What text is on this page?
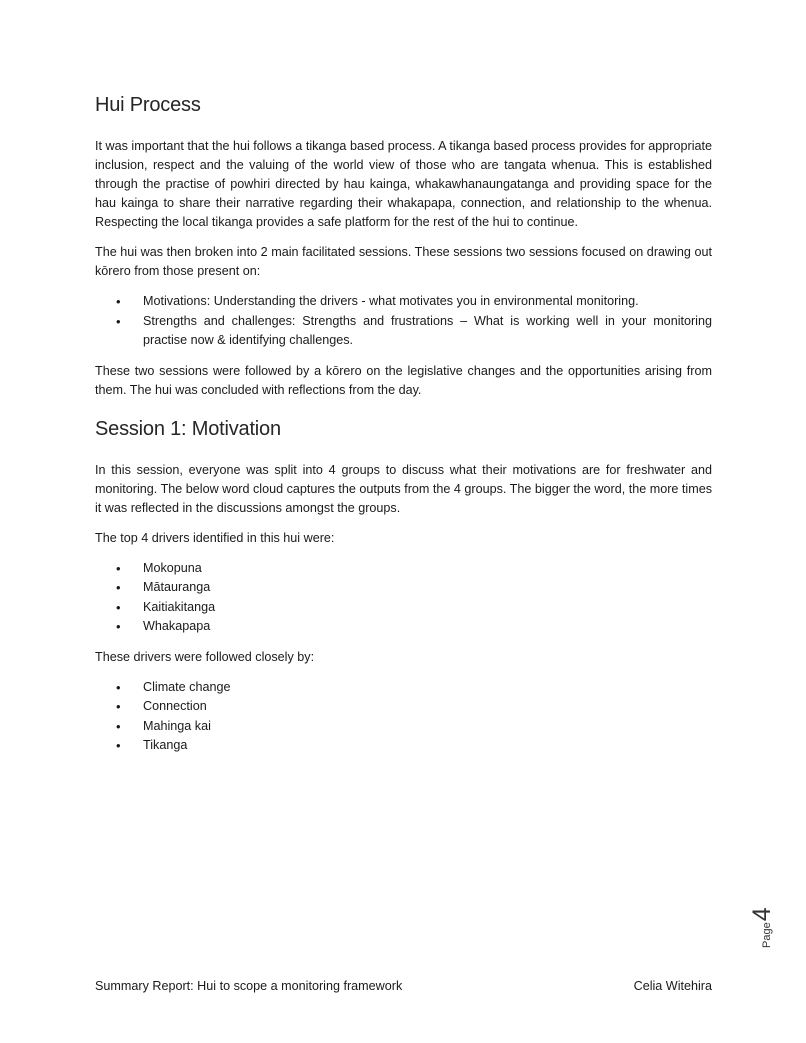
Hui Process

It was important that the hui follows a tikanga based process. A tikanga based process provides for appropriate inclusion, respect and the valuing of the world view of those who are tangata whenua. This is established through the practise of powhiri directed by hau kainga, whakawhanaungatanga and providing space for the hau kainga to share their narrative regarding their whakapapa, connection, and relationship to the whenua. Respecting the local tikanga provides a safe platform for the rest of the hui to continue.

The hui was then broken into 2 main facilitated sessions. These sessions two sessions focused on drawing out kōrero from those present on:

• Motivations: Understanding the drivers - what motivates you in environmental monitoring.
• Strengths and challenges: Strengths and frustrations – What is working well in your monitoring practise now & identifying challenges.

These two sessions were followed by a kōrero on the legislative changes and the opportunities arising from them. The hui was concluded with reflections from the day.

Session 1: Motivation

In this session, everyone was split into 4 groups to discuss what their motivations are for freshwater and monitoring. The below word cloud captures the outputs from the 4 groups. The bigger the word, the more times it was reflected in the discussions amongst the groups.

The top 4 drivers identified in this hui were:

• Mokopuna
• Mātauranga
• Kaitiakitanga
• Whakapapa

These drivers were followed closely by:

• Climate change
• Connection
• Mahinga kai
• Tikanga
Page4
Summary Report: Hui to scope a monitoring framework	Celia Witehira
